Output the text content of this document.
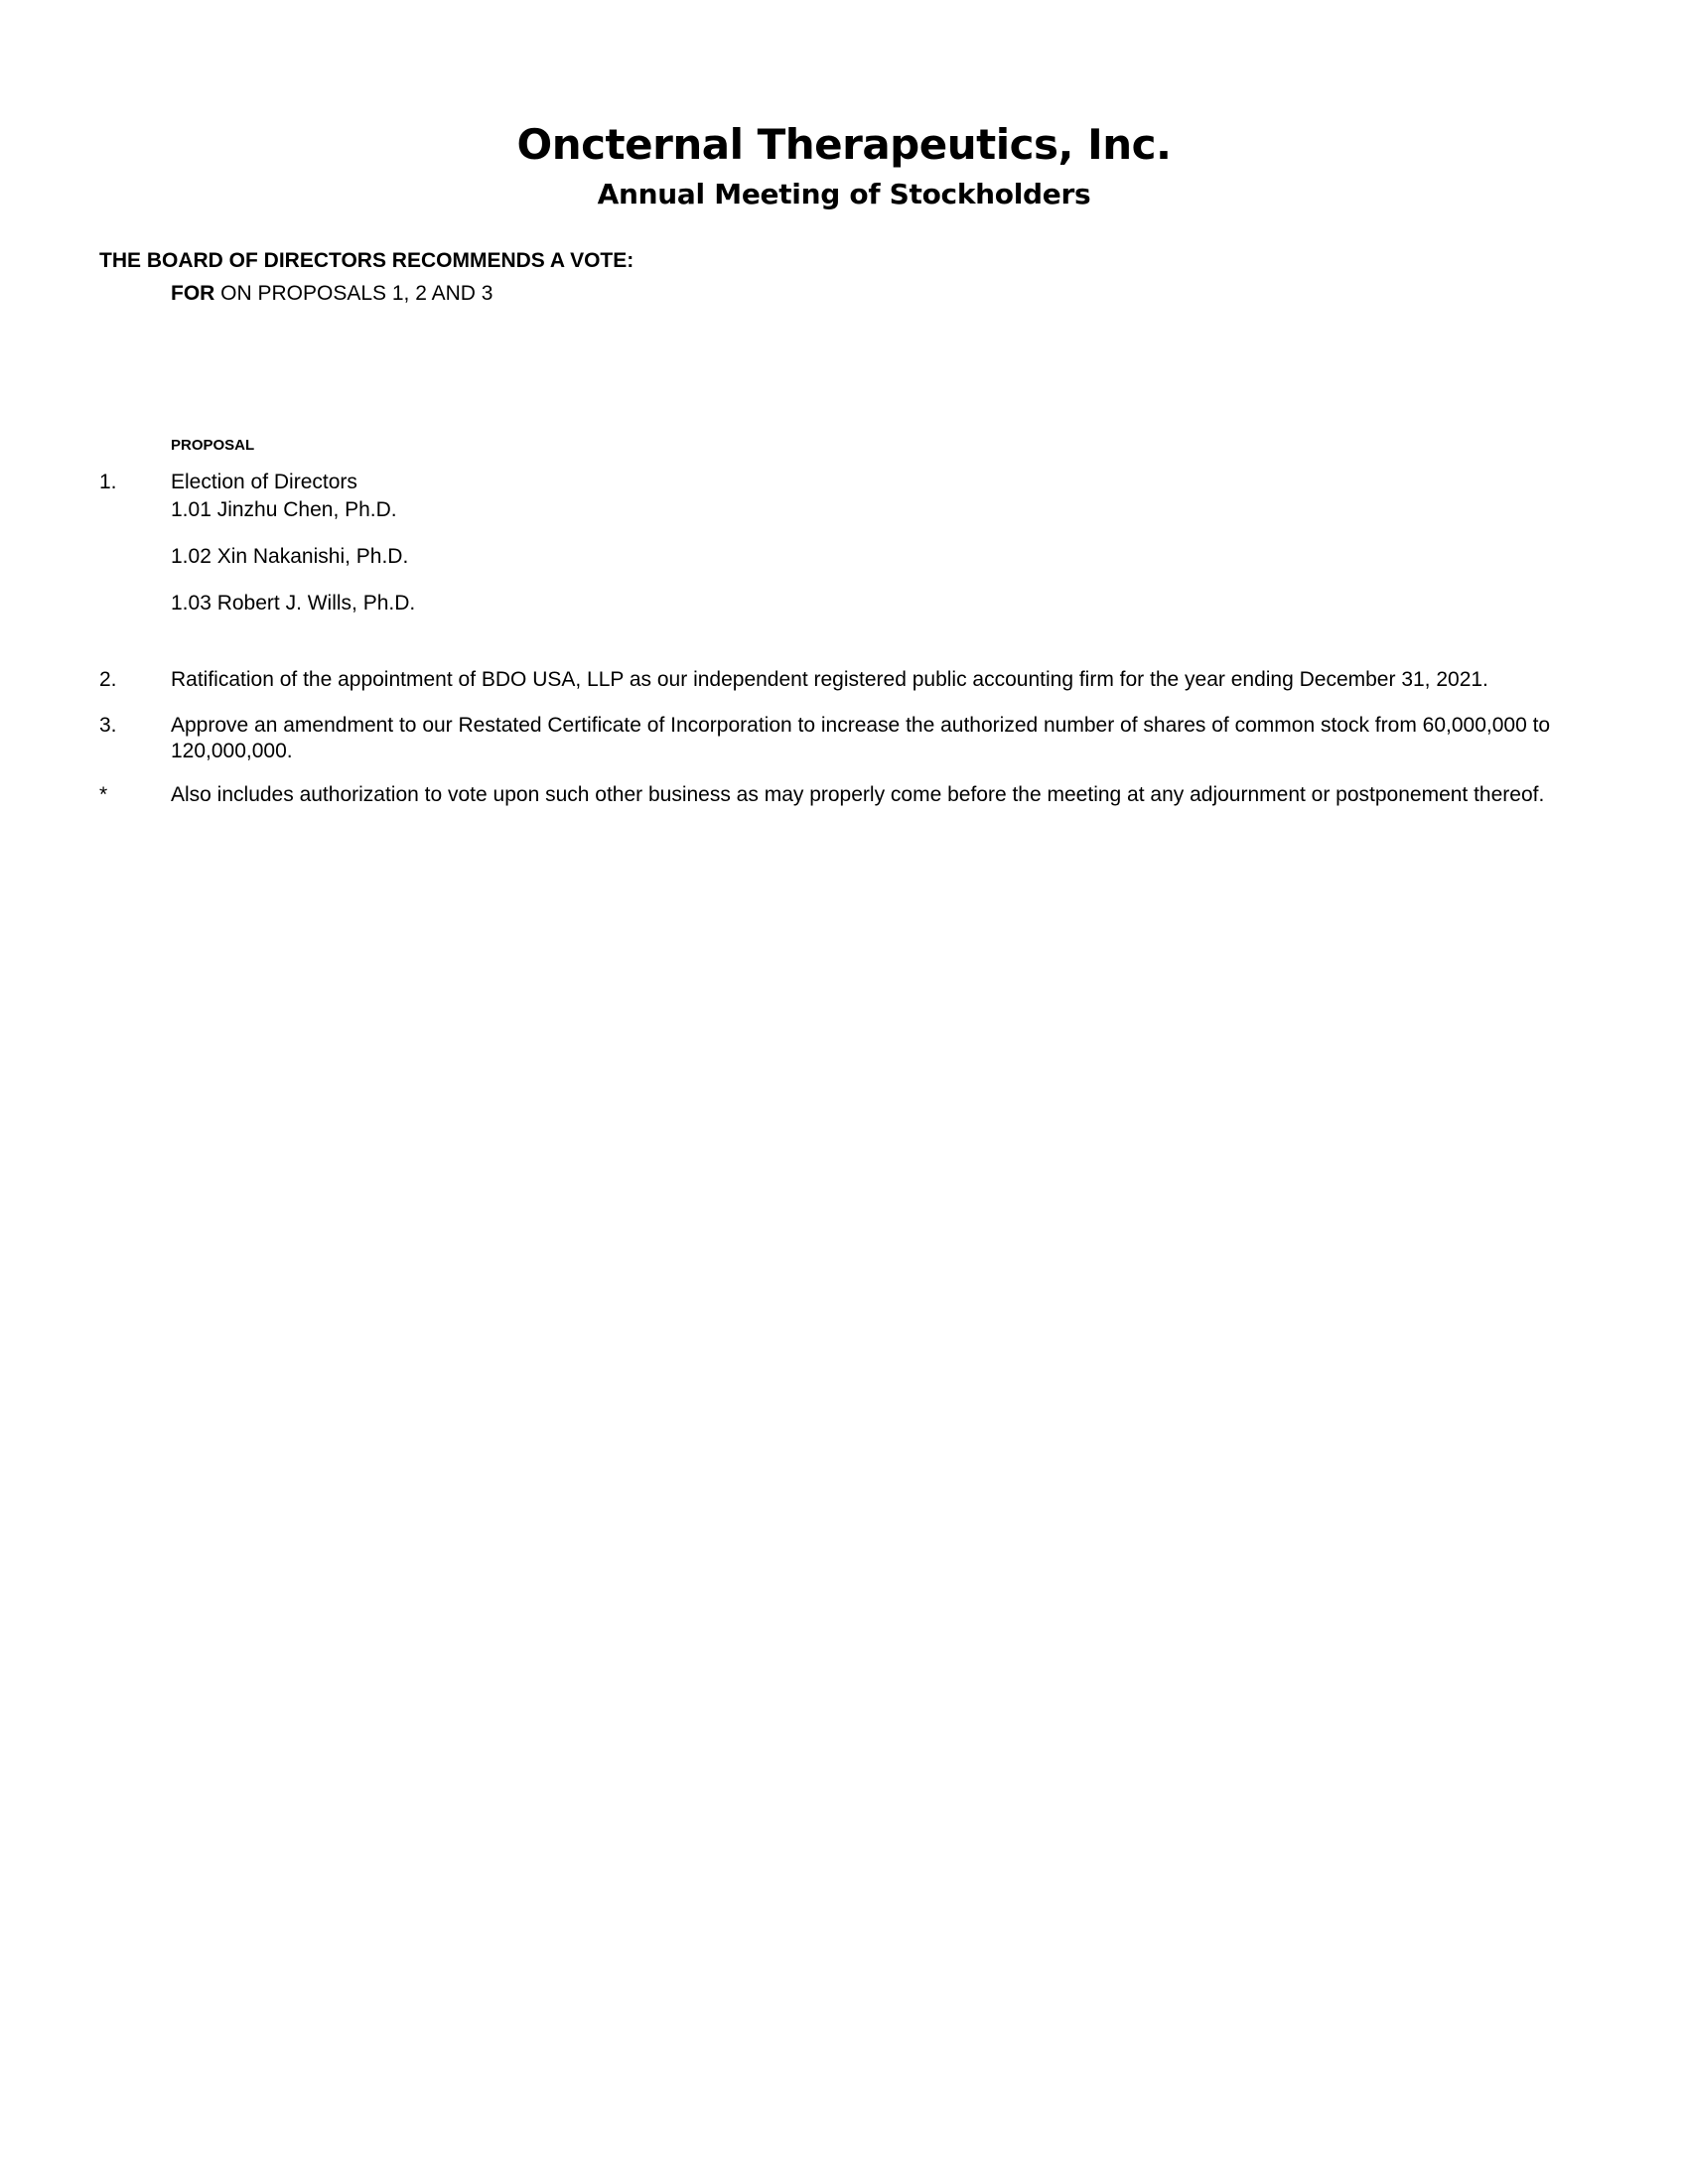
Oncternal Therapeutics, Inc.
Annual Meeting of Stockholders
THE BOARD OF DIRECTORS RECOMMENDS A VOTE:
FOR ON PROPOSALS 1, 2 AND 3
PROPOSAL
1.	Election of Directors
1.01 Jinzhu Chen, Ph.D.
1.02 Xin Nakanishi, Ph.D.
1.03 Robert J. Wills, Ph.D.
2.	Ratification of the appointment of BDO USA, LLP as our independent registered public accounting firm for the year ending December 31, 2021.
3.	Approve an amendment to our Restated Certificate of Incorporation to increase the authorized number of shares of common stock from 60,000,000 to 120,000,000.
*	Also includes authorization to vote upon such other business as may properly come before the meeting at any adjournment or postponement thereof.
